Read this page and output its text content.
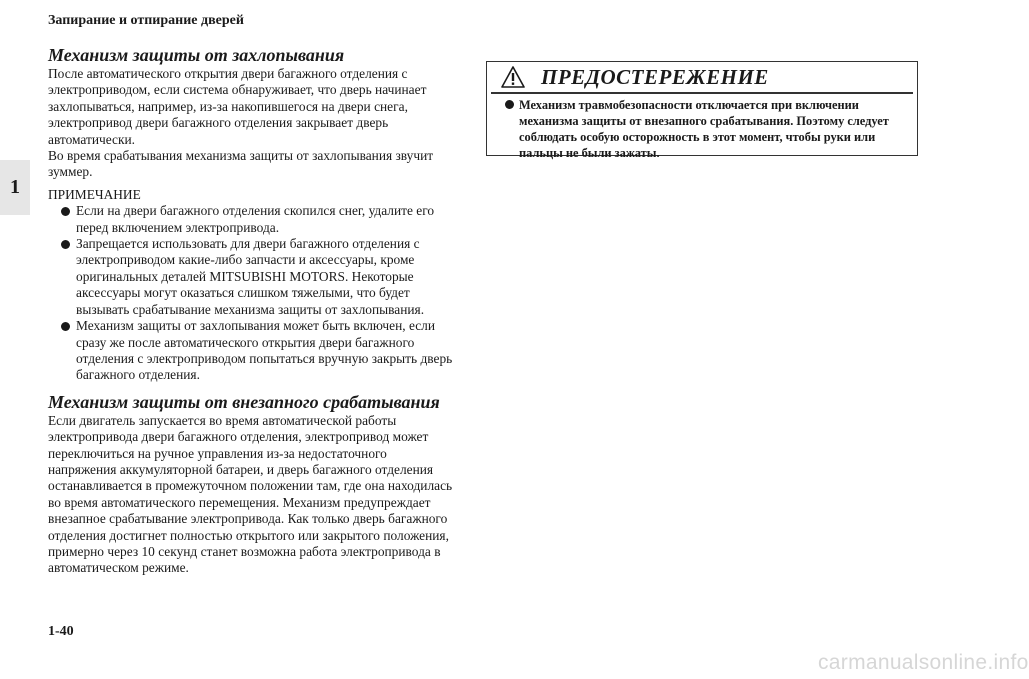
Запирание и отпирание дверей
1
Механизм защиты от захлопывания

После автоматического открытия двери багажного отделения с электроприводом, если система обнаруживает, что дверь начинает захлопываться, например, из-за накопившегося на двери снега, электропривод двери багажного отделения закрывает дверь автоматически.

Во время срабатывания механизма защиты от захлопывания звучит зуммер.

ПРИМЕЧАНИЕ

Если на двери багажного отделения скопился снег, удалите его перед включением электропривода.
Запрещается использовать для двери багажного отделения с электроприводом какие-либо запчасти и аксессуары, кроме оригинальных деталей MITSUBISHI MOTORS. Некоторые аксессуары могут оказаться слишком тяжелыми, что будет вызывать срабатывание механизма защиты от захлопывания.
Механизм защиты от захлопывания может быть включен, если сразу же после автоматического открытия двери багажного отделения с электроприводом попытаться вручную закрыть дверь багажного отделения.
Механизм защиты от внезапного срабатывания

Если двигатель запускается во время автоматической работы электропривода двери багажного отделения, электропривод может переключиться на ручное управления из-за недостаточного напряжения аккумуляторной батареи, и дверь багажного отделения останавливается в промежуточном положении там, где она находилась во время автоматического перемещения. Механизм предупреждает внезапное срабатывание электропривода. Как только дверь багажного отделения достигнет полностью открытого или закрытого положения, примерно через 10 секунд станет возможна работа электропривода в автоматическом режиме.

ПРЕДОСТЕРЕЖЕНИЕ
Механизм травмобезопасности отключается при включении механизма защиты от внезапного срабатывания. Поэтому следует соблюдать особую осторожность в этот момент, чтобы руки или пальцы не были зажаты.
1-40
carmanualsonline.info
